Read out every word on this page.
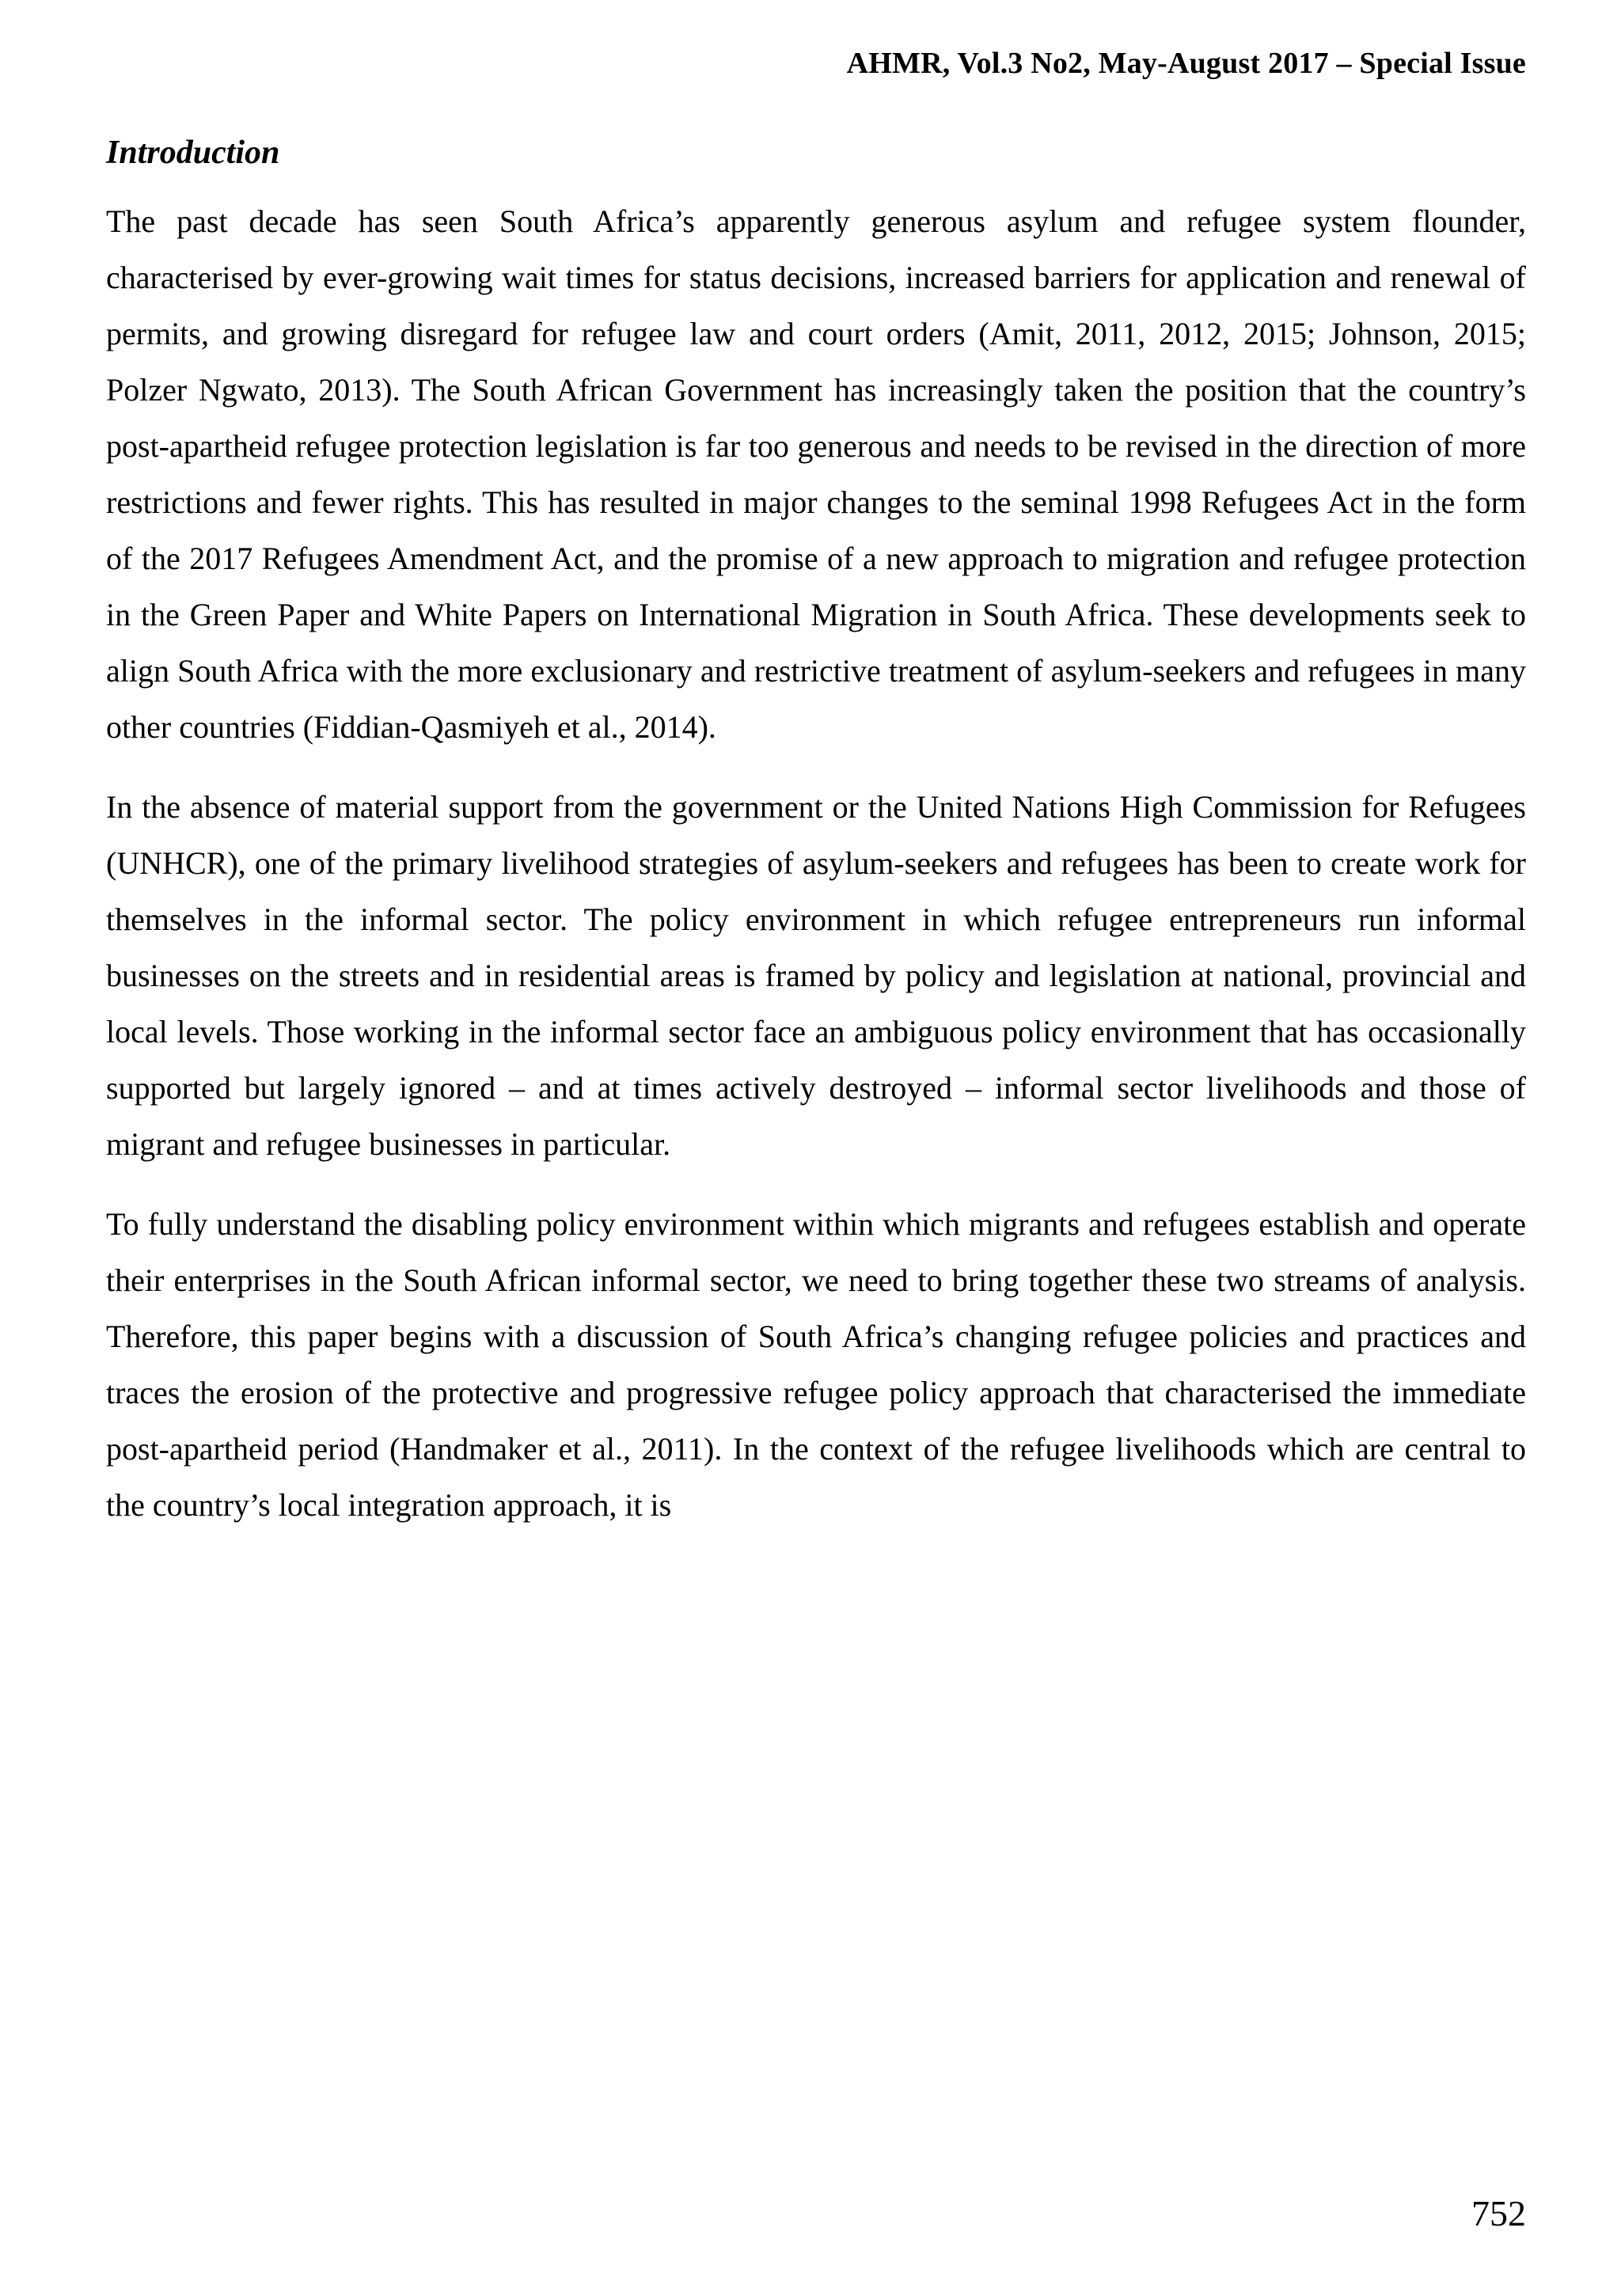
AHMR, Vol.3 No2, May-August 2017 – Special Issue
Introduction

The past decade has seen South Africa’s apparently generous asylum and refugee system flounder, characterised by ever-growing wait times for status decisions, increased barriers for application and renewal of permits, and growing disregard for refugee law and court orders (Amit, 2011, 2012, 2015; Johnson, 2015; Polzer Ngwato, 2013). The South African Government has increasingly taken the position that the country’s post-apartheid refugee protection legislation is far too generous and needs to be revised in the direction of more restrictions and fewer rights. This has resulted in major changes to the seminal 1998 Refugees Act in the form of the 2017 Refugees Amendment Act, and the promise of a new approach to migration and refugee protection in the Green Paper and White Papers on International Migration in South Africa. These developments seek to align South Africa with the more exclusionary and restrictive treatment of asylum-seekers and refugees in many other countries (Fiddian-Qasmiyeh et al., 2014).

In the absence of material support from the government or the United Nations High Commission for Refugees (UNHCR), one of the primary livelihood strategies of asylum-seekers and refugees has been to create work for themselves in the informal sector. The policy environment in which refugee entrepreneurs run informal businesses on the streets and in residential areas is framed by policy and legislation at national, provincial and local levels. Those working in the informal sector face an ambiguous policy environment that has occasionally supported but largely ignored – and at times actively destroyed – informal sector livelihoods and those of migrant and refugee businesses in particular.

To fully understand the disabling policy environment within which migrants and refugees establish and operate their enterprises in the South African informal sector, we need to bring together these two streams of analysis. Therefore, this paper begins with a discussion of South Africa’s changing refugee policies and practices and traces the erosion of the protective and progressive refugee policy approach that characterised the immediate post-apartheid period (Handmaker et al., 2011). In the context of the refugee livelihoods which are central to the country’s local integration approach, it is

752
